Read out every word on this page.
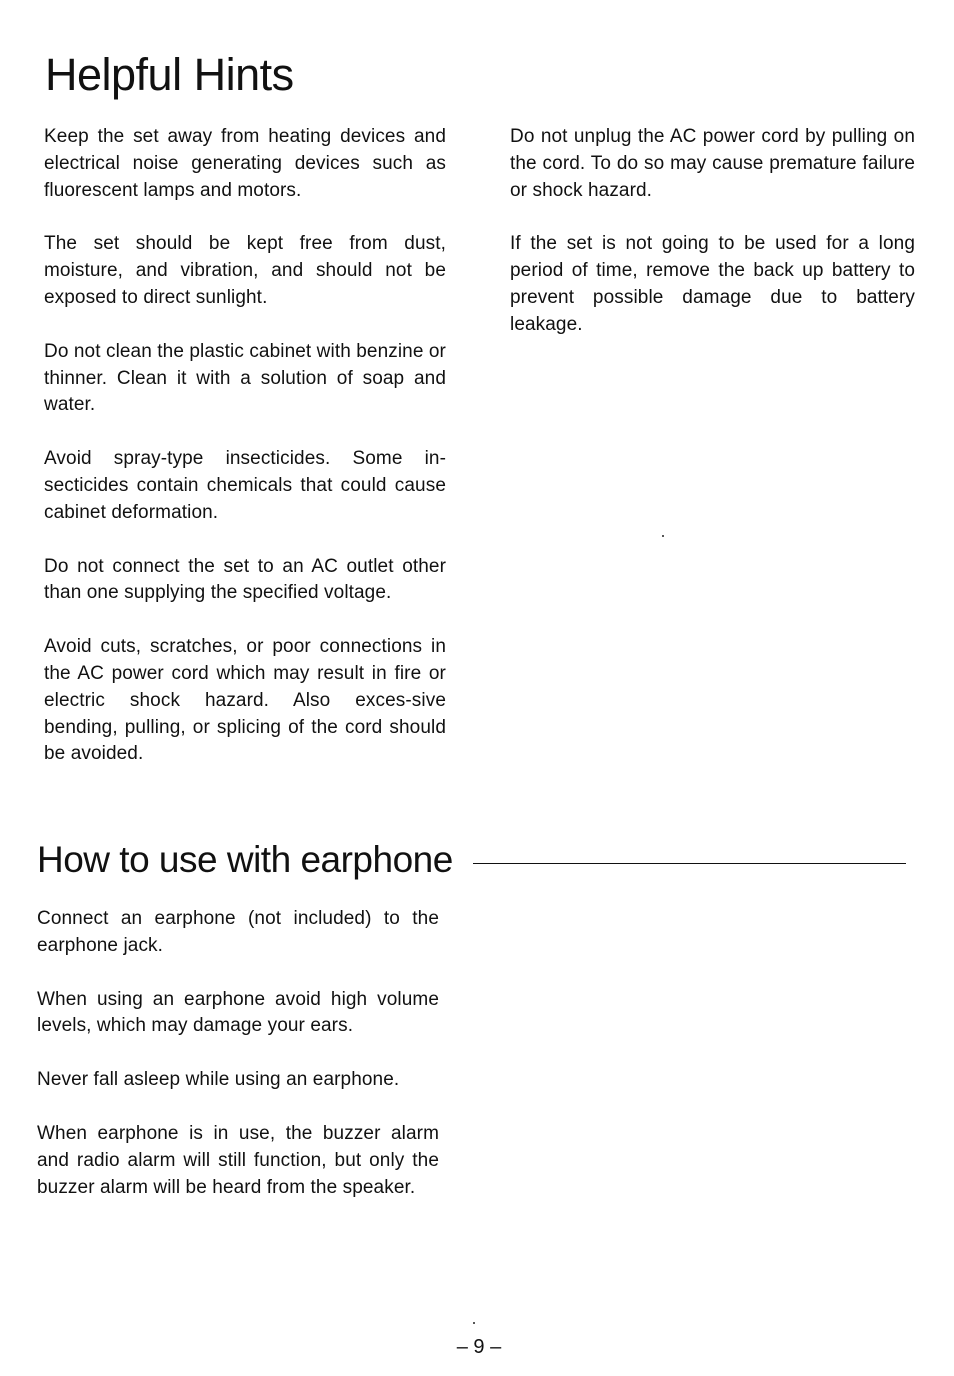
Helpful Hints

Keep the set away from heating devices and electrical noise generating devices such as fluorescent lamps and motors.

The set should be kept free from dust, moisture, and vibration, and should not be exposed to direct sunlight.

Do not clean the plastic cabinet with benzine or thinner. Clean it with a solution of soap and water.

Avoid spray-type insecticides. Some in-secticides contain chemicals that could cause cabinet deformation.

Do not connect the set to an AC outlet other than one supplying the specified voltage.

Avoid cuts, scratches, or poor connections in the AC power cord which may result in fire or electric shock hazard. Also exces-sive bending, pulling, or splicing of the cord should be avoided.

Do not unplug the AC power cord by pulling on the cord. To do so may cause premature failure or shock hazard.

If the set is not going to be used for a long period of time, remove the back up battery to prevent possible damage due to battery leakage.

How to use with earphone

Connect an earphone (not included) to the earphone jack.

When using an earphone avoid high volume levels, which may damage your ears.

Never fall asleep while using an earphone.

When earphone is in use, the buzzer alarm and radio alarm will still function, but only the buzzer alarm will be heard from the speaker.

– 9 –
